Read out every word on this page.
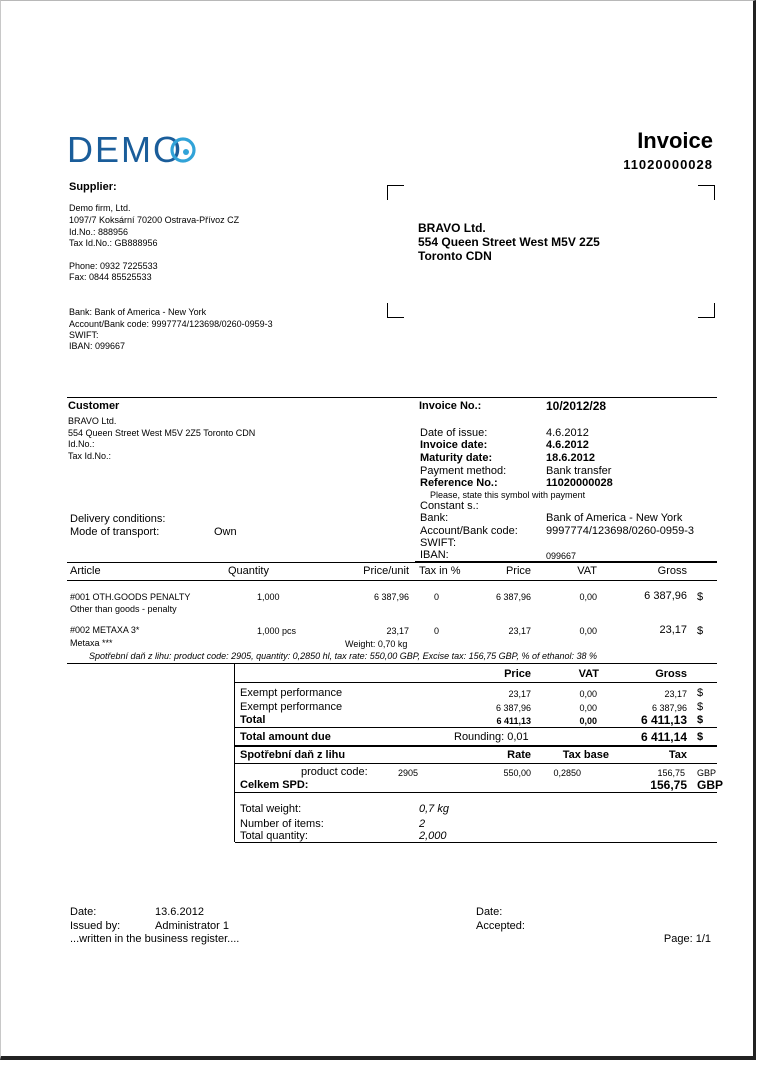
DEMO	Invoice
11020000028
Supplier:
Demo firm, Ltd.
1097/7 Koksární 70200 Ostrava-Přívoz CZ
Id.No.: 888956
Tax Id.No.: GB888956
Phone: 0932 7225533
Fax: 0844 85525533
Bank: Bank of America - New York
Account/Bank code: 9997774/123698/0260-0959-3
SWIFT:
IBAN: 099667
BRAVO Ltd.
554 Queen Street West M5V 2Z5
Toronto CDN
Customer
BRAVO Ltd.
554 Queen Street West M5V 2Z5 Toronto CDN
Id.No.:
Tax Id.No.:
Delivery conditions:
Mode of transport:	Own
Invoice No.:	10/2012/28
Date of issue:	4.6.2012
Invoice date:	4.6.2012
Maturity date:	18.6.2012
Payment method:	Bank transfer
Reference No.:	11020000028
Please, state this symbol with payment
Constant s.:
Bank:	Bank of America - New York
Account/Bank code:	9997774/123698/0260-0959-3
SWIFT:
IBAN:	099667
Article	Quantity	Price/unit Tax in %	Price	VAT	Gross
#001 OTH.GOODS PENALTY
Other than goods - penalty
1,000	6 387,96	0	6 387,96	0,00	6 387,96 $
#002 METAXA 3*
Metaxa ***
1,000 pcs	23,17	0	23,17	0,00	23,17 $
Weight: 0,70 kg
Spotřební daň z lihu: product code: 2905, quantity: 0,2850 hl, tax rate: 550,00 GBP, Excise tax: 156,75 GBP, % of ethanol: 38 %
Price	VAT	Gross
Exempt performance	23,17	0,00	23,17 $
Exempt performance	6 387,96	0,00	6 387,96 $
Total	6 411,13	0,00	6 411,13 $
Total amount due	Rounding: 0,01	6 411,14 $
Spotřební daň z lihu	Rate	Tax base	Tax
product code:	2905	550,00 0,2850	156,75 GBP
Celkem SPD:	156,75 GBP
Total weight:	0,7 kg
Number of items:	2
Total quantity:	2,000
Date:	13.6.2012
Issued by:	Administrator 1
...written in the business register....
Date:
Accepted:
Page: 1/1
